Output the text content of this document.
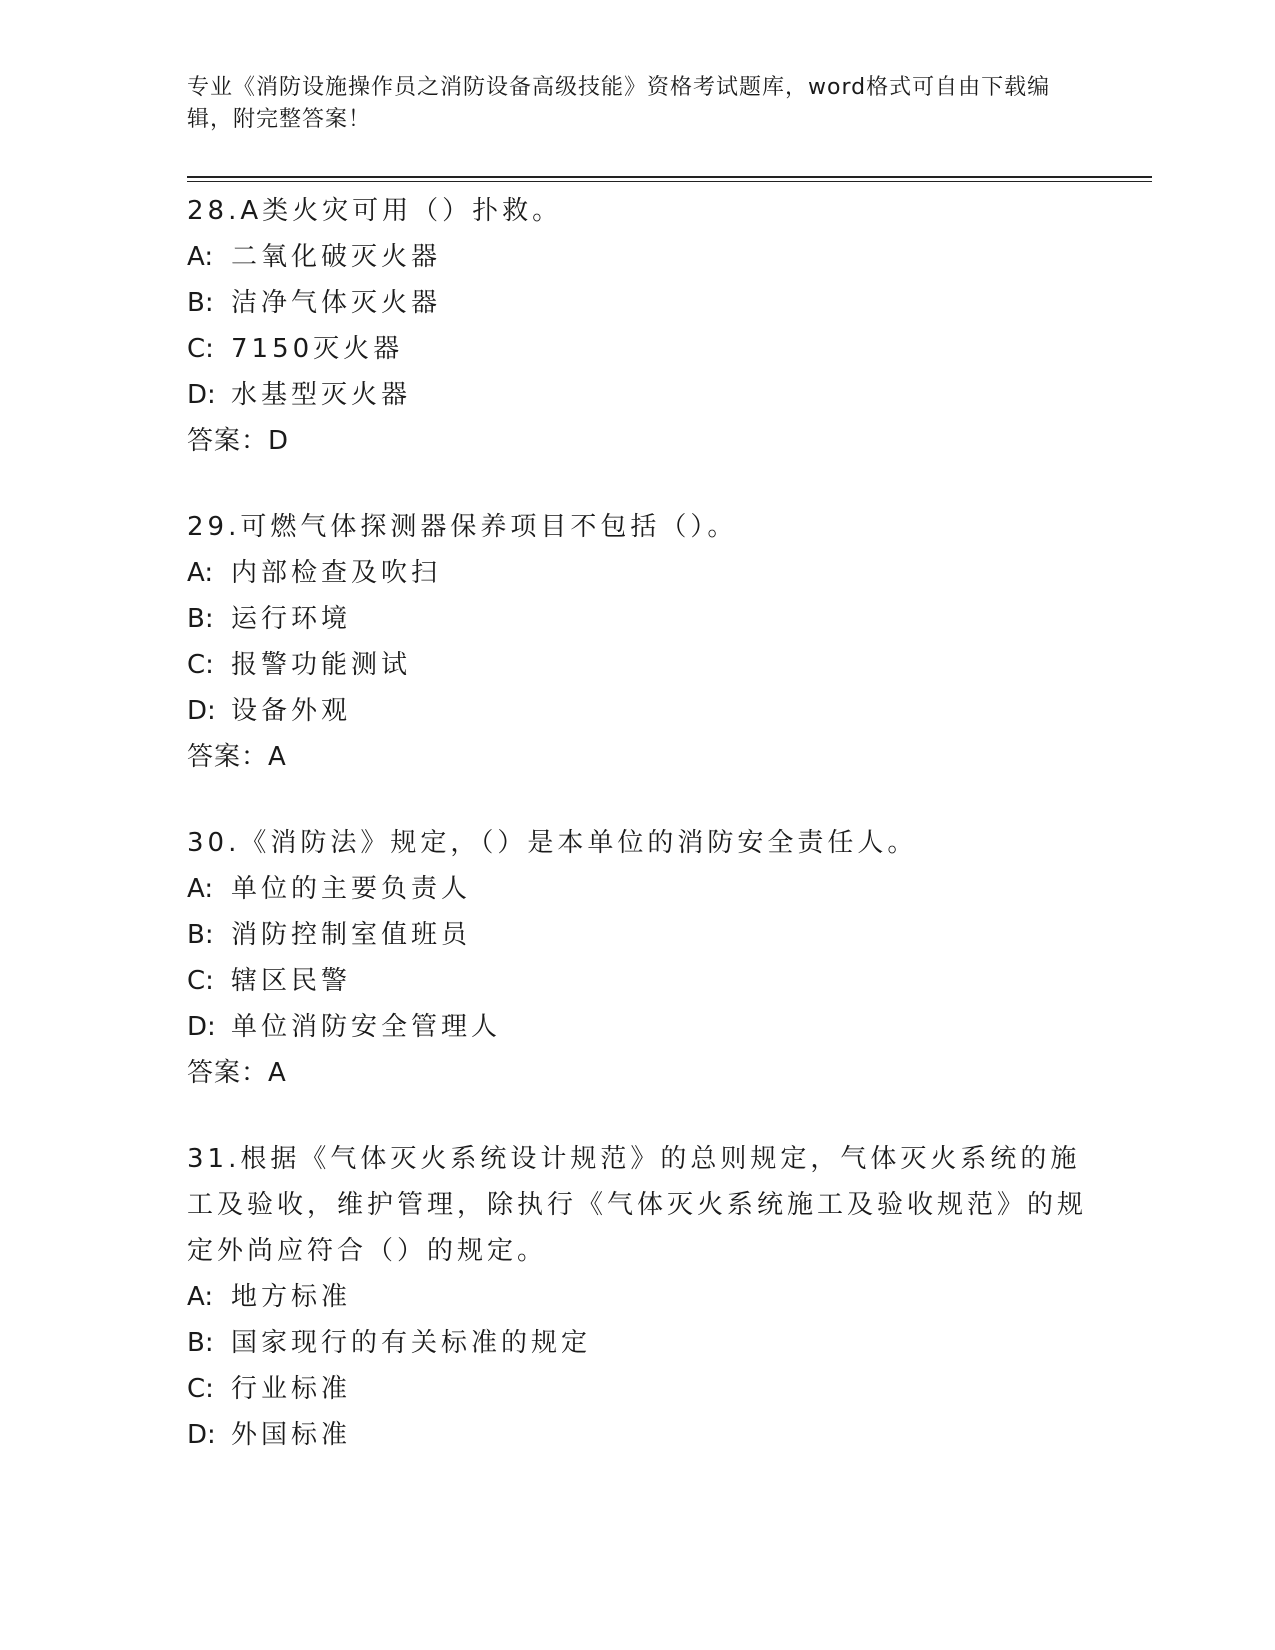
专业《消防设施操作员之消防设备高级技能》资格考试题库，word格式可自由下载编辑，附完整答案！

28.A类火灾可用（）扑救。

A: 二氧化破灭火器

B: 洁净气体灭火器

C: 7150灭火器

D: 水基型灭火器

答案：D

29.可燃气体探测器保养项目不包括（）。

A: 内部检查及吹扫

B: 运行环境

C: 报警功能测试

D: 设备外观

答案：A

30.《消防法》规定，（）是本单位的消防安全责任人。

A: 单位的主要负责人

B: 消防控制室值班员

C: 辖区民警

D: 单位消防安全管理人

答案：A

31.根据《气体灭火系统设计规范》的总则规定，气体灭火系统的施工及验收，维护管理，除执行《气体灭火系统施工及验收规范》的规定外尚应符合（）的规定。

A: 地方标准

B: 国家现行的有关标准的规定

C: 行业标准

D: 外国标准
